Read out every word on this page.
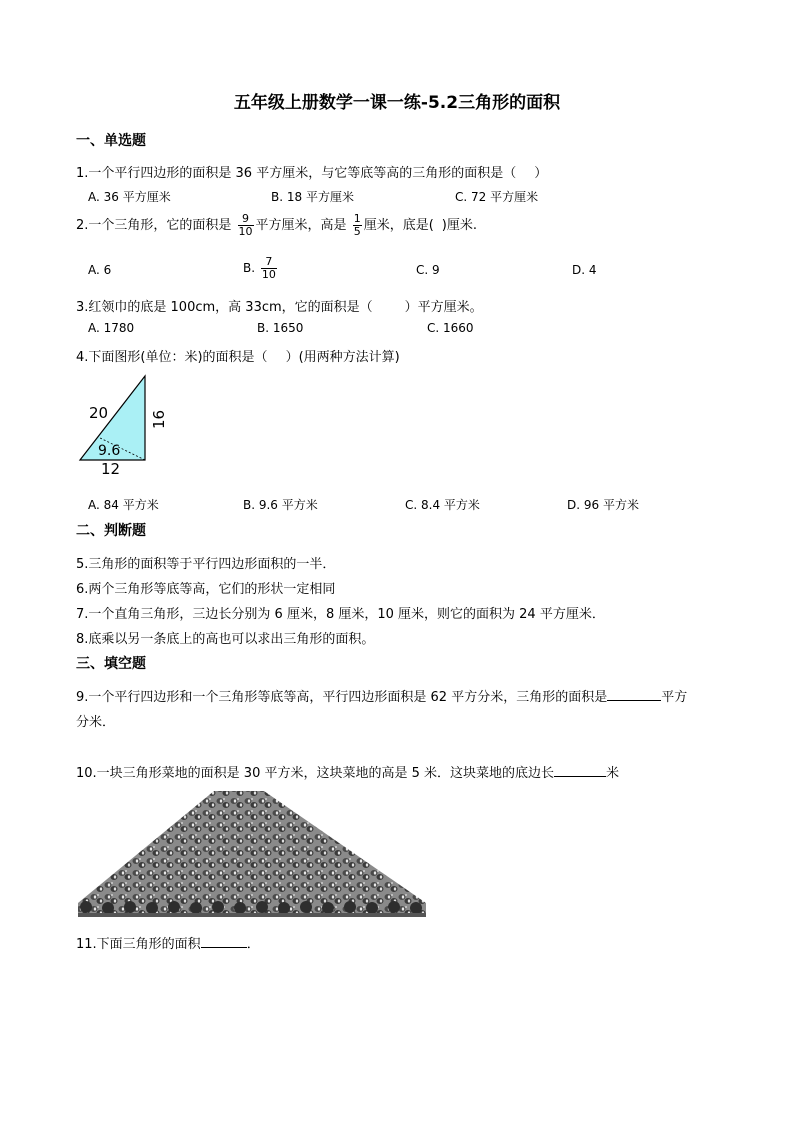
五年级上册数学一课一练-5.2三角形的面积
一、单选题
1.一个平行四边形的面积是 36 平方厘米，与它等底等高的三角形的面积是（ ）
A. 36 平方厘米	B. 18 平方厘米	C. 72 平方厘米
2.一个三角形，它的面积是 $\frac{9}{10}$ 平方厘米，高是 $\frac{1}{5}$ 厘米，底是( )厘米.
A. 6	B. $\frac{7}{10}$	C. 9	D. 4
3.红领巾的底是 100cm，高 33cm，它的面积是（ ）平方厘米。
A. 1780	B. 1650	C. 1660
4.下面图形(单位：米)的面积是（ ）(用两种方法计算)
20	16
9.6
12
A. 84 平方米	B. 9.6 平方米	C. 8.4 平方米	D. 96 平方米
二、判断题
5.三角形的面积等于平行四边形面积的一半．
6.两个三角形等底等高，它们的形状一定相同
7.一个直角三角形，三边长分别为 6 厘米，8 厘米，10 厘米，则它的面积为 24 平方厘米．
8.底乘以另一条底上的高也可以求出三角形的面积。
三、填空题
9.一个平行四边形和一个三角形等底等高，平行四边形面积是 62 平方分米，三角形的面积是	平方
分米．
10.一块三角形菜地的面积是 30 平方米，这块菜地的高是 5 米．这块菜地的底边长	米
11.下面三角形的面积	．
